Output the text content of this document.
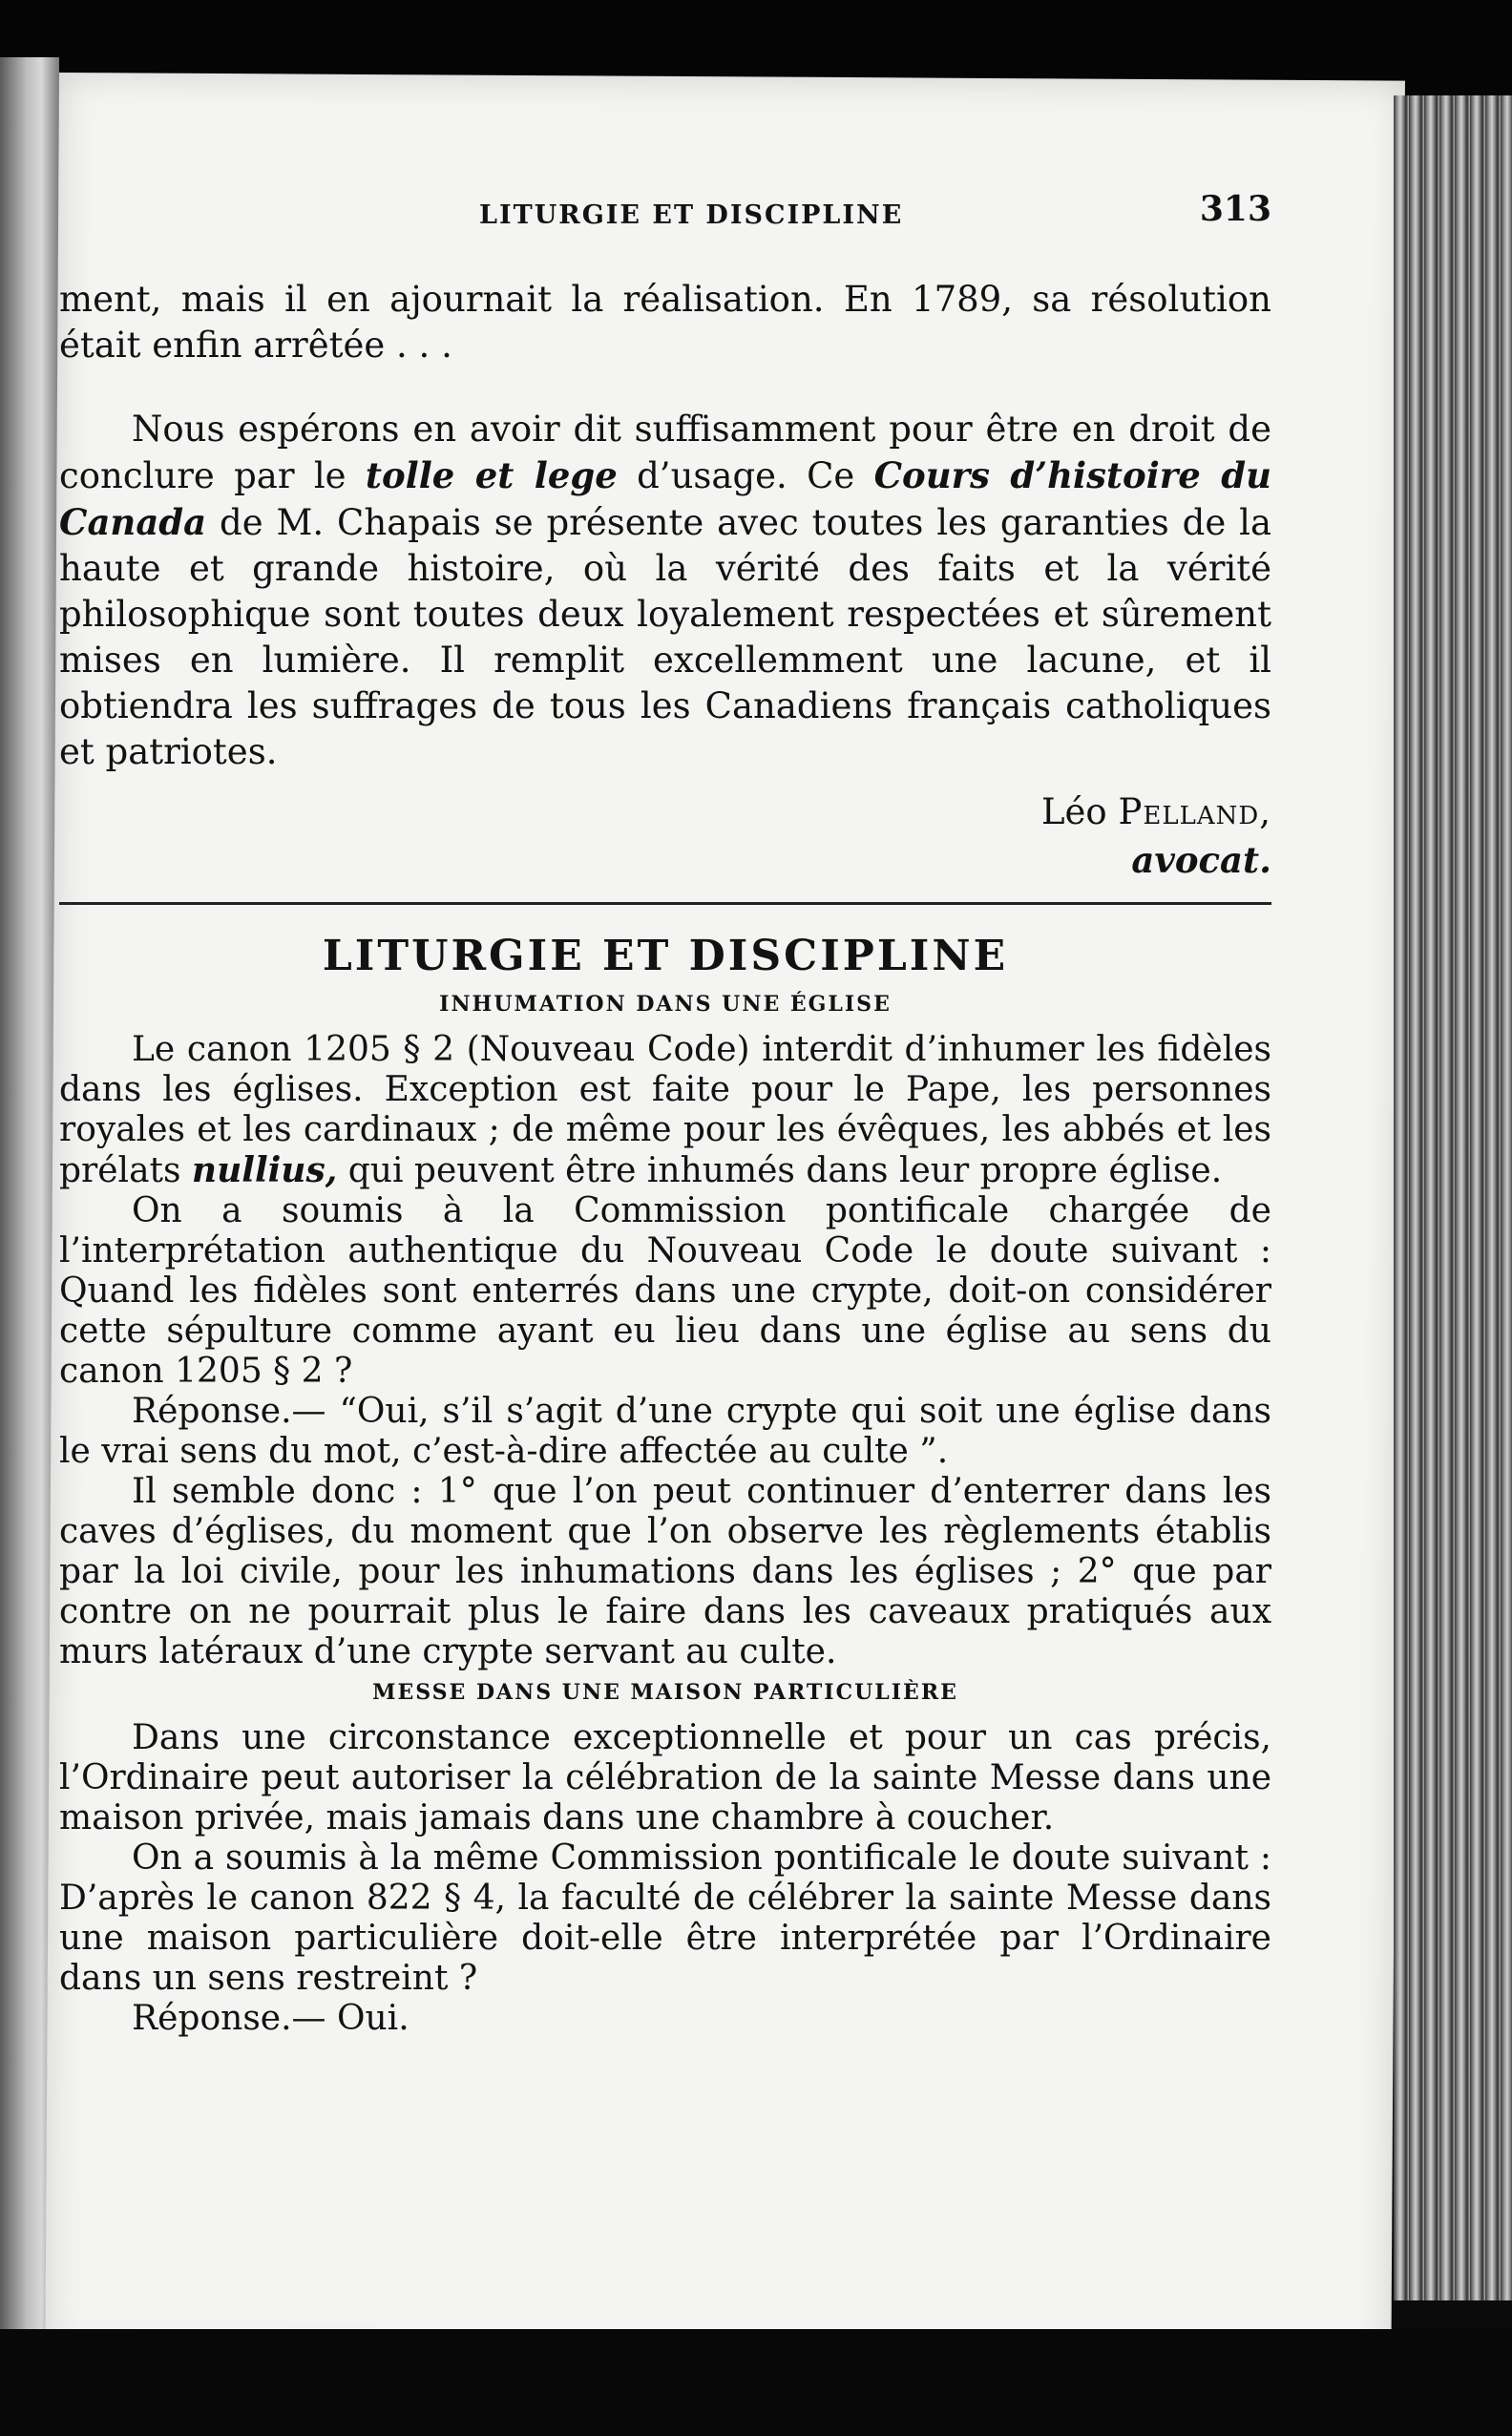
LITURGIE ET DISCIPLINE	313

ment, mais il en ajournait la réalisation. En 1789, sa résolution était enfin arrêtée . . .

Nous espérons en avoir dit suffisamment pour être en droit de conclure par le tolle et lege d’usage. Ce Cours d’histoire du Canada de M. Chapais se présente avec toutes les garanties de la haute et grande histoire, où la vérité des faits et la vérité philosophique sont toutes deux loyalement respectées et sûrement mises en lumière. Il remplit excellemment une lacune, et il obtiendra les suffrages de tous les Canadiens français catholiques et patriotes.

Léo Pelland,
avocat.
LITURGIE ET DISCIPLINE
INHUMATION DANS UNE ÉGLISE

Le canon 1205 § 2 (Nouveau Code) interdit d’inhumer les fidèles dans les églises. Exception est faite pour le Pape, les personnes royales et les cardinaux ; de même pour les évêques, les abbés et les prélats nullius, qui peuvent être inhumés dans leur propre église.

On a soumis à la Commission pontificale chargée de l’interprétation authentique du Nouveau Code le doute suivant : Quand les fidèles sont enterrés dans une crypte, doit-on considérer cette sépulture comme ayant eu lieu dans une église au sens du canon 1205 § 2 ?

Réponse.— “Oui, s’il s’agit d’une crypte qui soit une église dans le vrai sens du mot, c’est-à-dire affectée au culte ”.

Il semble donc : 1° que l’on peut continuer d’enterrer dans les caves d’églises, du moment que l’on observe les règlements établis par la loi civile, pour les inhumations dans les églises ; 2° que par contre on ne pourrait plus le faire dans les caveaux pratiqués aux murs latéraux d’une crypte servant au culte.

MESSE DANS UNE MAISON PARTICULIÈRE

Dans une circonstance exceptionnelle et pour un cas précis, l’Ordinaire peut autoriser la célébration de la sainte Messe dans une maison privée, mais jamais dans une chambre à coucher.

On a soumis à la même Commission pontificale le doute suivant : D’après le canon 822 § 4, la faculté de célébrer la sainte Messe dans une maison particulière doit-elle être interprétée par l’Ordinaire dans un sens restreint ?

Réponse.— Oui.
